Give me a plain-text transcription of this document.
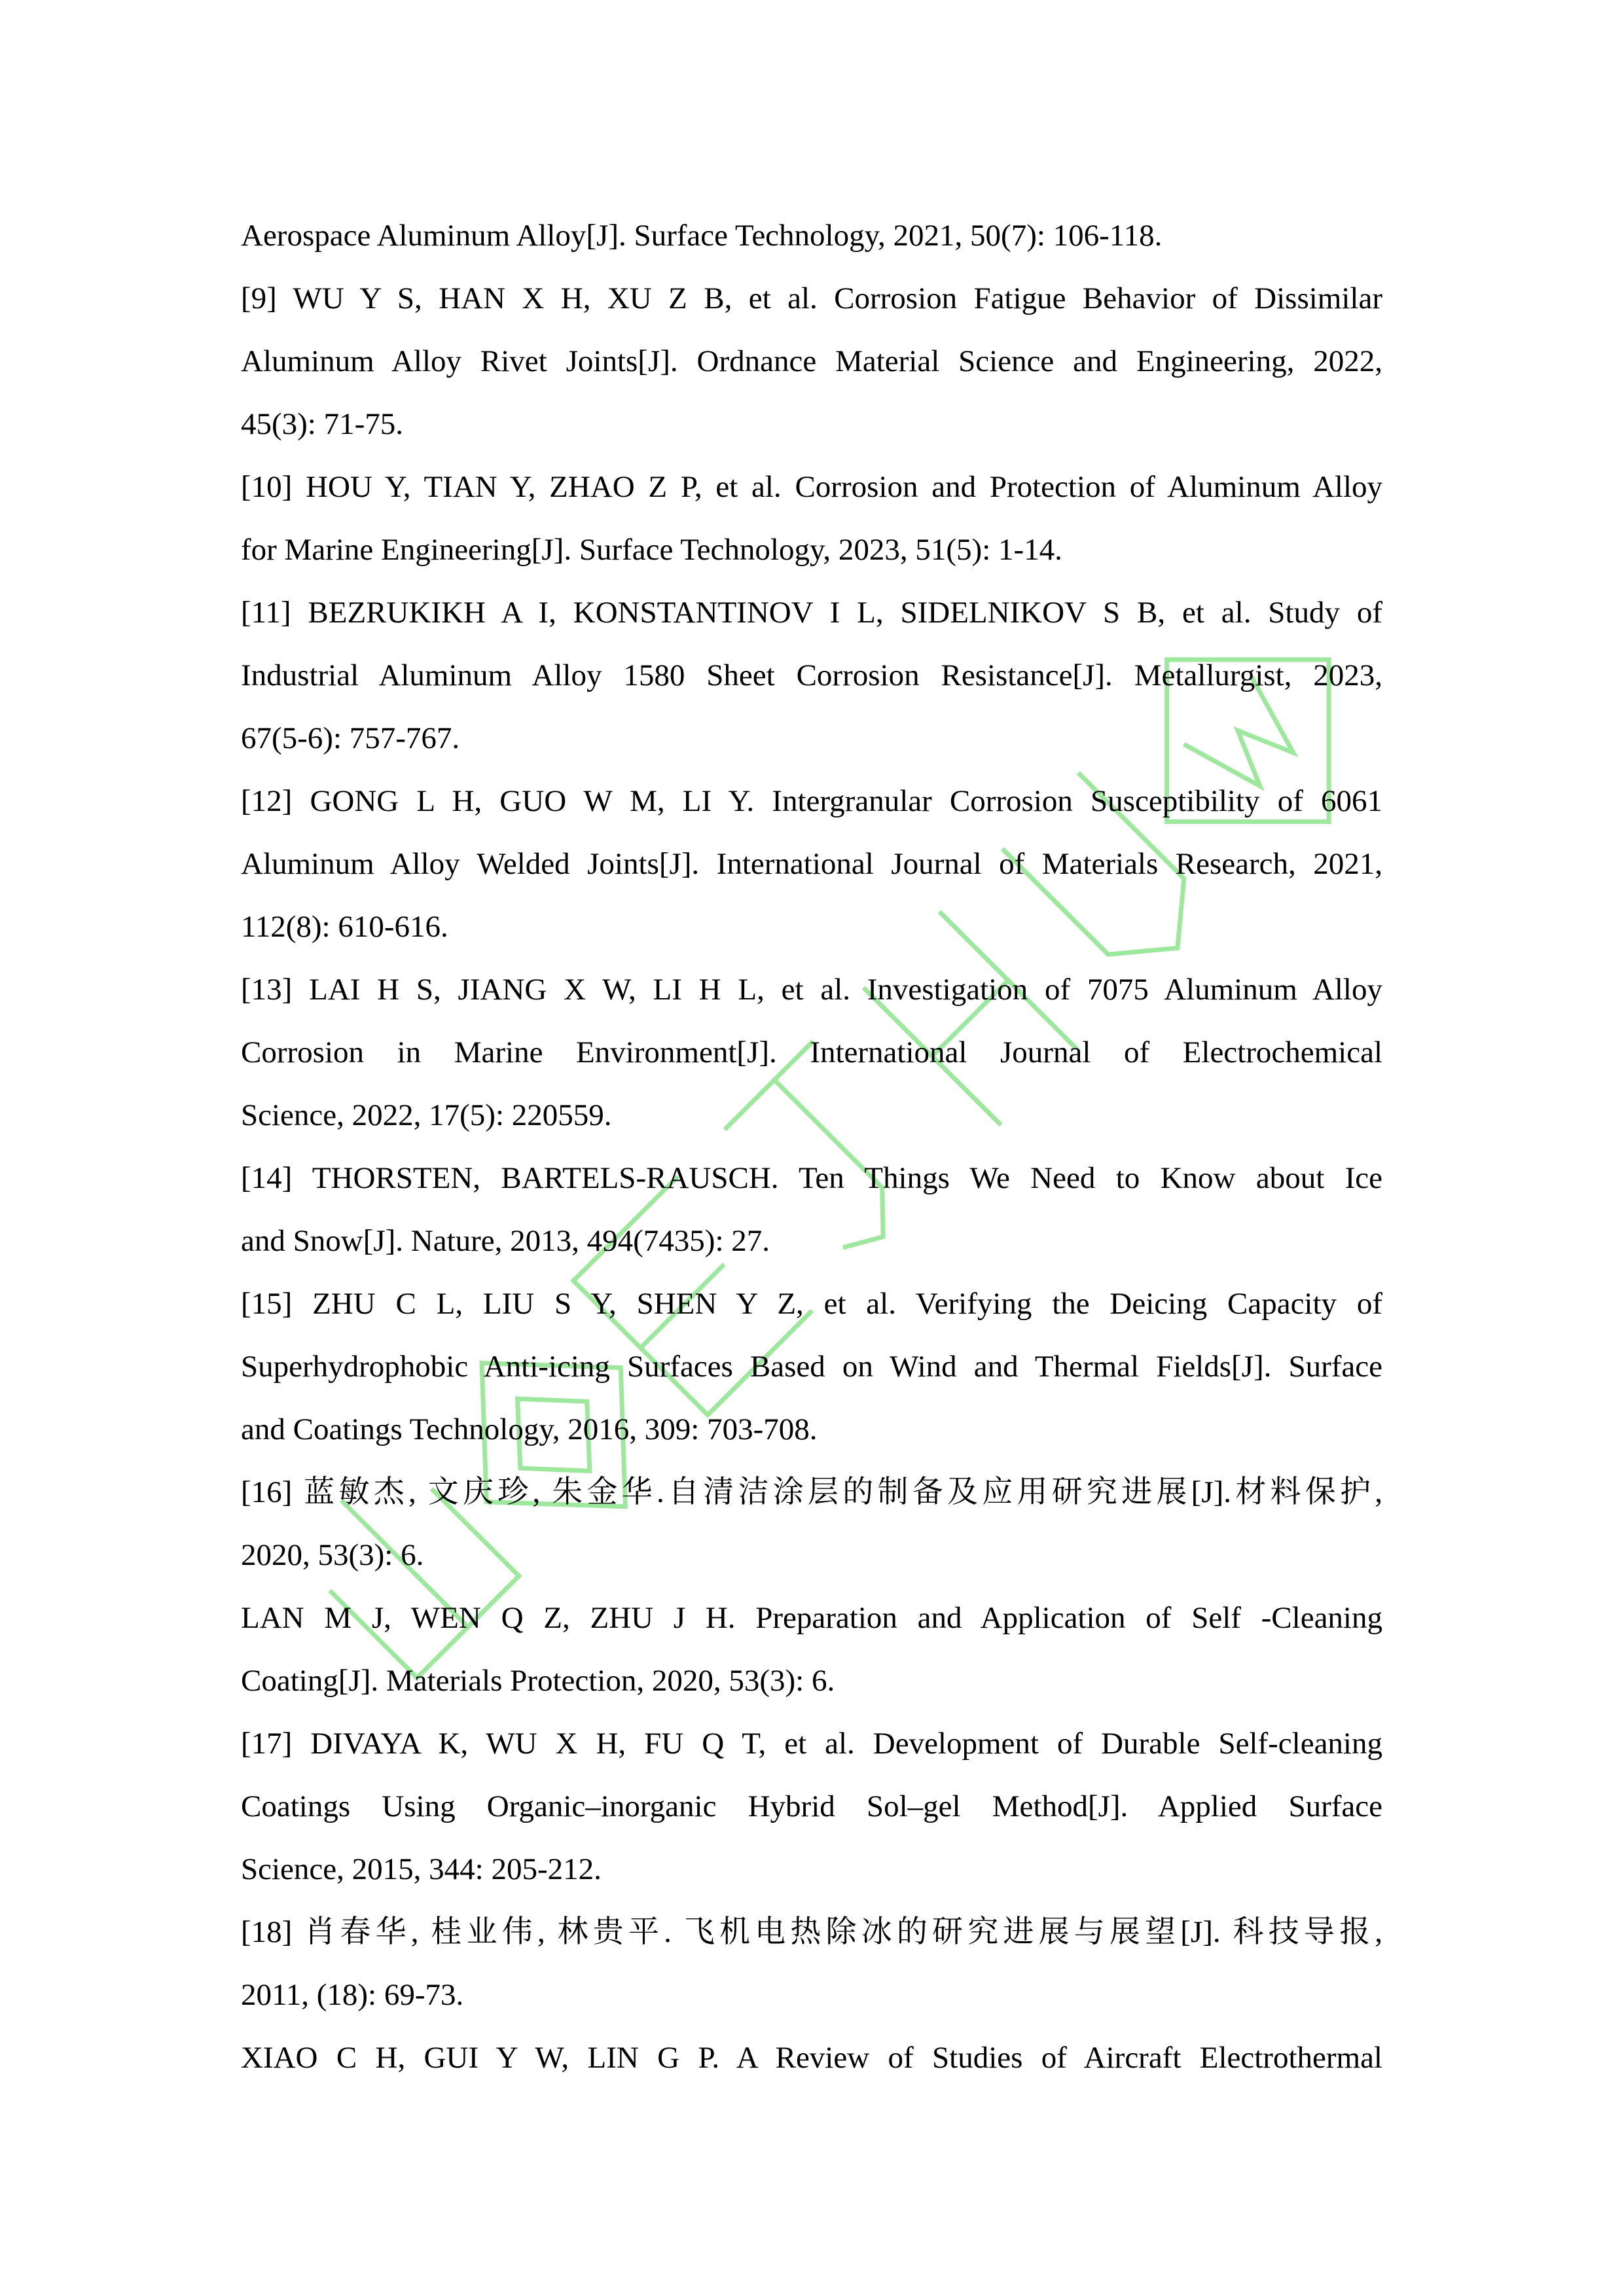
Aerospace Aluminum Alloy[J]. Surface Technology, 2021, 50(7): 106-118.
[9] WU Y S, HAN X H, XU Z B, et al. Corrosion Fatigue Behavior of Dissimilar
Aluminum Alloy Rivet Joints[J]. Ordnance Material Science and Engineering, 2022,
45(3): 71-75.
[10] HOU Y, TIAN Y, ZHAO Z P, et al. Corrosion and Protection of Aluminum Alloy
for Marine Engineering[J]. Surface Technology, 2023, 51(5): 1-14.
[11] BEZRUKIKH A I, KONSTANTINOV I L, SIDELNIKOV S B, et al. Study of
Industrial Aluminum Alloy 1580 Sheet Corrosion Resistance[J]. Metallurgist, 2023,
67(5-6): 757-767.
[12] GONG L H, GUO W M, LI Y. Intergranular Corrosion Susceptibility of 6061
Aluminum Alloy Welded Joints[J]. International Journal of Materials Research, 2021,
112(8): 610-616.
[13] LAI H S, JIANG X W, LI H L, et al. Investigation of 7075 Aluminum Alloy
Corrosion in Marine Environment[J]. International Journal of Electrochemical
Science, 2022, 17(5): 220559.
[14] THORSTEN, BARTELS-RAUSCH. Ten Things We Need to Know about Ice
and Snow[J]. Nature, 2013, 494(7435): 27.
[15] ZHU C L, LIU S Y, SHEN Y Z, et al. Verifying the Deicing Capacity of
Superhydrophobic Anti-icing Surfaces Based on Wind and Thermal Fields[J]. Surface
and Coatings Technology, 2016, 309: 703-708.
[16] 蓝敏杰, 文庆珍, 朱金华.自清洁涂层的制备及应用研究进展[J].材料保护,
2020, 53(3): 6.
LAN M J, WEN Q Z, ZHU J H. Preparation and Application of Self -Cleaning
Coating[J]. Materials Protection, 2020, 53(3): 6.
[17] DIVAYA K, WU X H, FU Q T, et al. Development of Durable Self-cleaning
Coatings Using Organic–inorganic Hybrid Sol–gel Method[J]. Applied Surface
Science, 2015, 344: 205-212.
[18] 肖春华, 桂业伟, 林贵平. 飞机电热除冰的研究进展与展望[J]. 科技导报,
2011, (18): 69-73.
XIAO C H, GUI Y W, LIN G P. A Review of Studies of Aircraft Electrothermal
